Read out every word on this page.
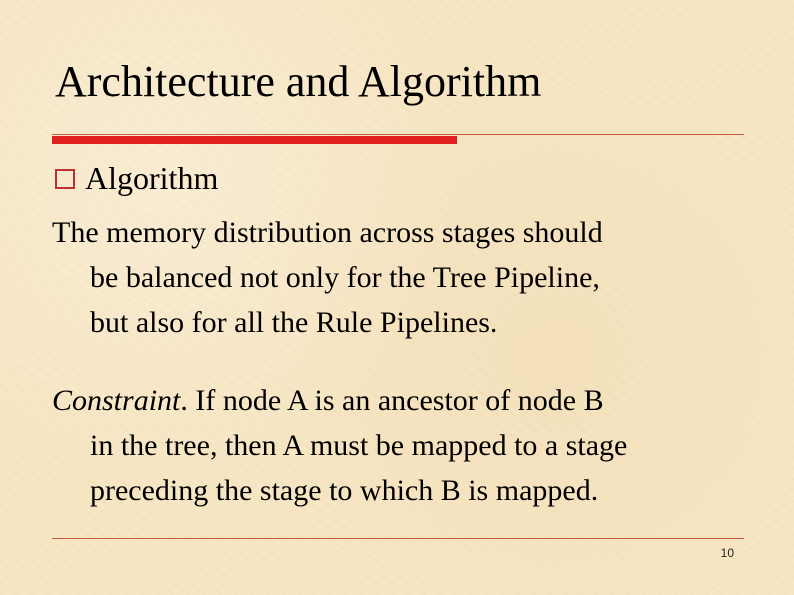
Architecture and Algorithm
Algorithm
The memory distribution across stages should
be balanced not only for the Tree Pipeline,
but also for all the Rule Pipelines.
Constraint. If node A is an ancestor of node B
in the tree, then A must be mapped to a stage
preceding the stage to which B is mapped.
10
